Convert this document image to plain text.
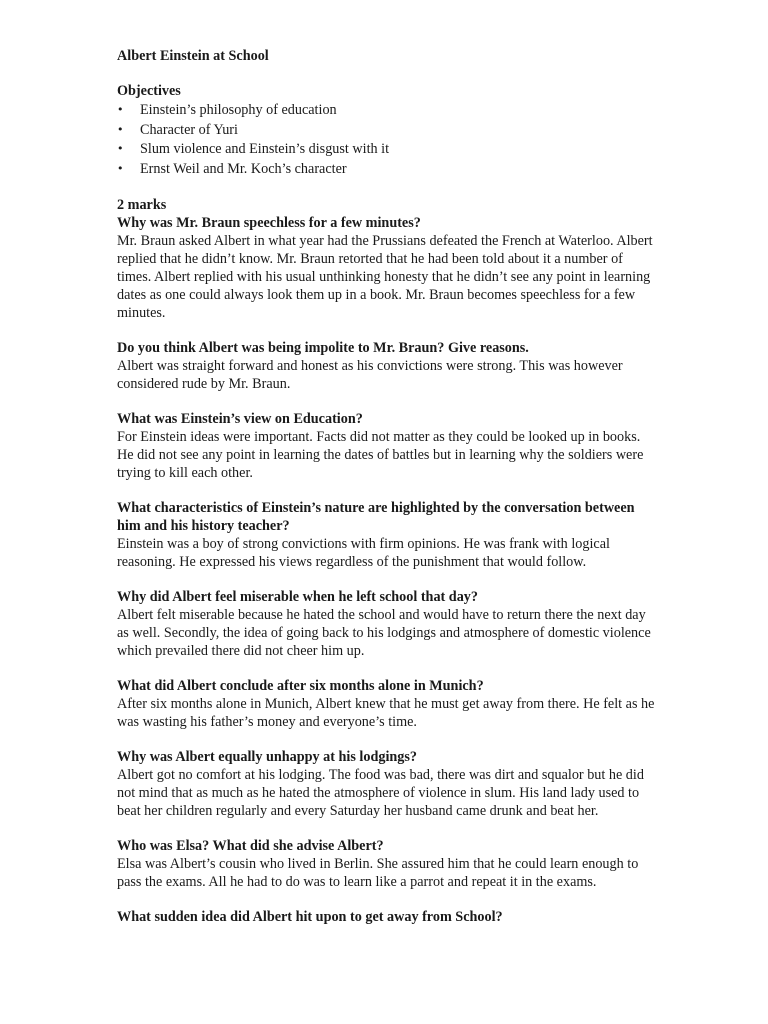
Albert Einstein at School

Objectives

• Einstein’s philosophy of education
• Character of Yuri
• Slum violence and Einstein’s disgust with it
• Ernst Weil and Mr. Koch’s character

2 marks

Why was Mr. Braun speechless for a few minutes?

Mr. Braun asked Albert in what year had the Prussians defeated the French at Waterloo. Albert replied that he didn’t know. Mr. Braun retorted that he had been told about it a number of times. Albert replied with his usual unthinking honesty that he didn’t see any point in learning dates as one could always look them up in a book. Mr. Braun becomes speechless for a few minutes.

Do you think Albert was being impolite to Mr. Braun? Give reasons.

Albert was straight forward and honest as his convictions were strong. This was however considered rude by Mr. Braun.

What was Einstein’s view on Education?

For Einstein ideas were important. Facts did not matter as they could be looked up in books. He did not see any point in learning the dates of battles but in learning why the soldiers were trying to kill each other.

What characteristics of Einstein’s nature are highlighted by the conversation between him and his history teacher?

Einstein was a boy of strong convictions with firm opinions. He was frank with logical reasoning. He expressed his views regardless of the punishment that would follow.

Why did Albert feel miserable when he left school that day?

Albert felt miserable because he hated the school and would have to return there the next day as well. Secondly, the idea of going back to his lodgings and atmosphere of domestic violence which prevailed there did not cheer him up.

What did Albert conclude after six months alone in Munich?

After six months alone in Munich, Albert knew that he must get away from there. He felt as he was wasting his father’s money and everyone’s time.

Why was Albert equally unhappy at his lodgings?

Albert got no comfort at his lodging. The food was bad, there was dirt and squalor but he did not mind that as much as he hated the atmosphere of violence in slum. His land lady used to beat her children regularly and every Saturday her husband came drunk and beat her.

Who was Elsa? What did she advise Albert?

Elsa was Albert’s cousin who lived in Berlin. She assured him that he could learn enough to pass the exams. All he had to do was to learn like a parrot and repeat it in the exams.

What sudden idea did Albert hit upon to get away from School?
